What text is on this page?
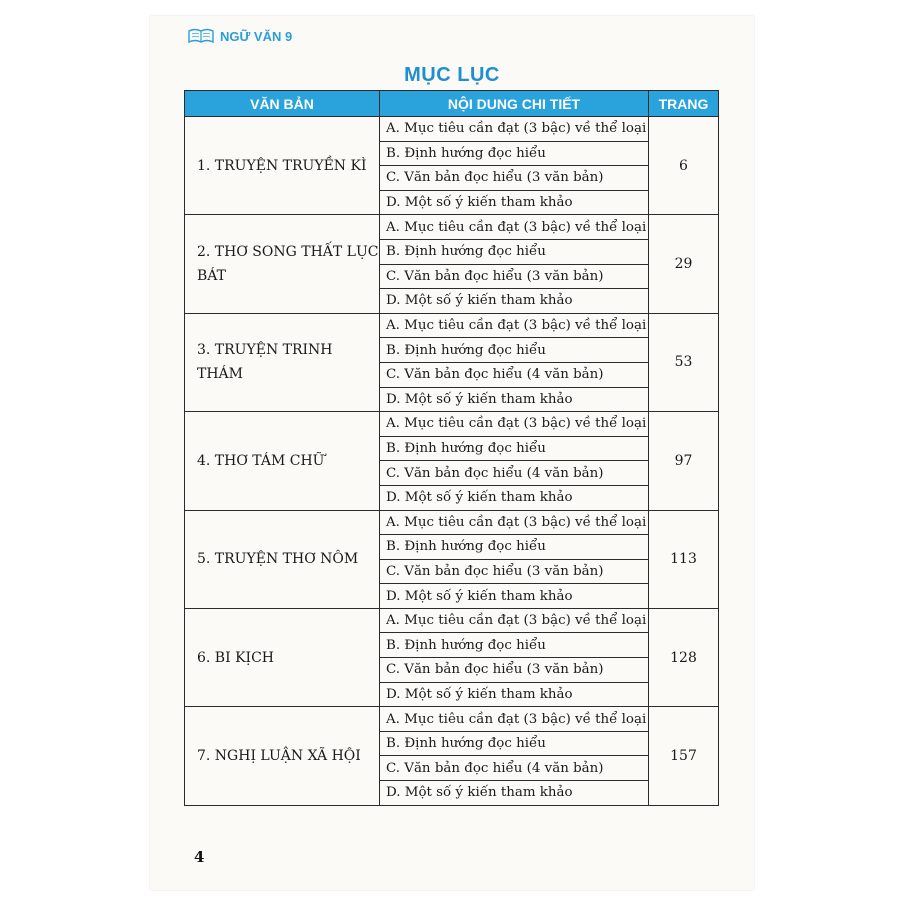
NGỮ VĂN 9
MỤC LỤC
VĂN BẢN	NỘI DUNG CHI TIẾT	TRANG
1. TRUYỆN TRUYỀN KÌ	A. Mục tiêu cần đạt (3 bậc) về thể loại	6
	B. Định hướng đọc hiểu	
	C. Văn bản đọc hiểu (3 văn bản)	
	D. Một số ý kiến tham khảo	
2. THƠ SONG THẤT LỤC BÁT	A. Mục tiêu cần đạt (3 bậc) về thể loại	29
	B. Định hướng đọc hiểu	
	C. Văn bản đọc hiểu (3 văn bản)	
	D. Một số ý kiến tham khảo	
3. TRUYỆN TRINH THÁM	A. Mục tiêu cần đạt (3 bậc) về thể loại	53
	B. Định hướng đọc hiểu	
	C. Văn bản đọc hiểu (4 văn bản)	
	D. Một số ý kiến tham khảo	
4. THƠ TÁM CHỮ	A. Mục tiêu cần đạt (3 bậc) về thể loại	97
	B. Định hướng đọc hiểu	
	C. Văn bản đọc hiểu (4 văn bản)	
	D. Một số ý kiến tham khảo	
5. TRUYỆN THƠ NÔM	A. Mục tiêu cần đạt (3 bậc) về thể loại	113
	B. Định hướng đọc hiểu	
	C. Văn bản đọc hiểu (3 văn bản)	
	D. Một số ý kiến tham khảo	
6. BI KỊCH	A. Mục tiêu cần đạt (3 bậc) về thể loại	128
	B. Định hướng đọc hiểu	
	C. Văn bản đọc hiểu (3 văn bản)	
	D. Một số ý kiến tham khảo	
7. NGHỊ LUẬN XÃ HỘI	A. Mục tiêu cần đạt (3 bậc) về thể loại	157
	B. Định hướng đọc hiểu	
	C. Văn bản đọc hiểu (4 văn bản)	
	D. Một số ý kiến tham khảo	
4
